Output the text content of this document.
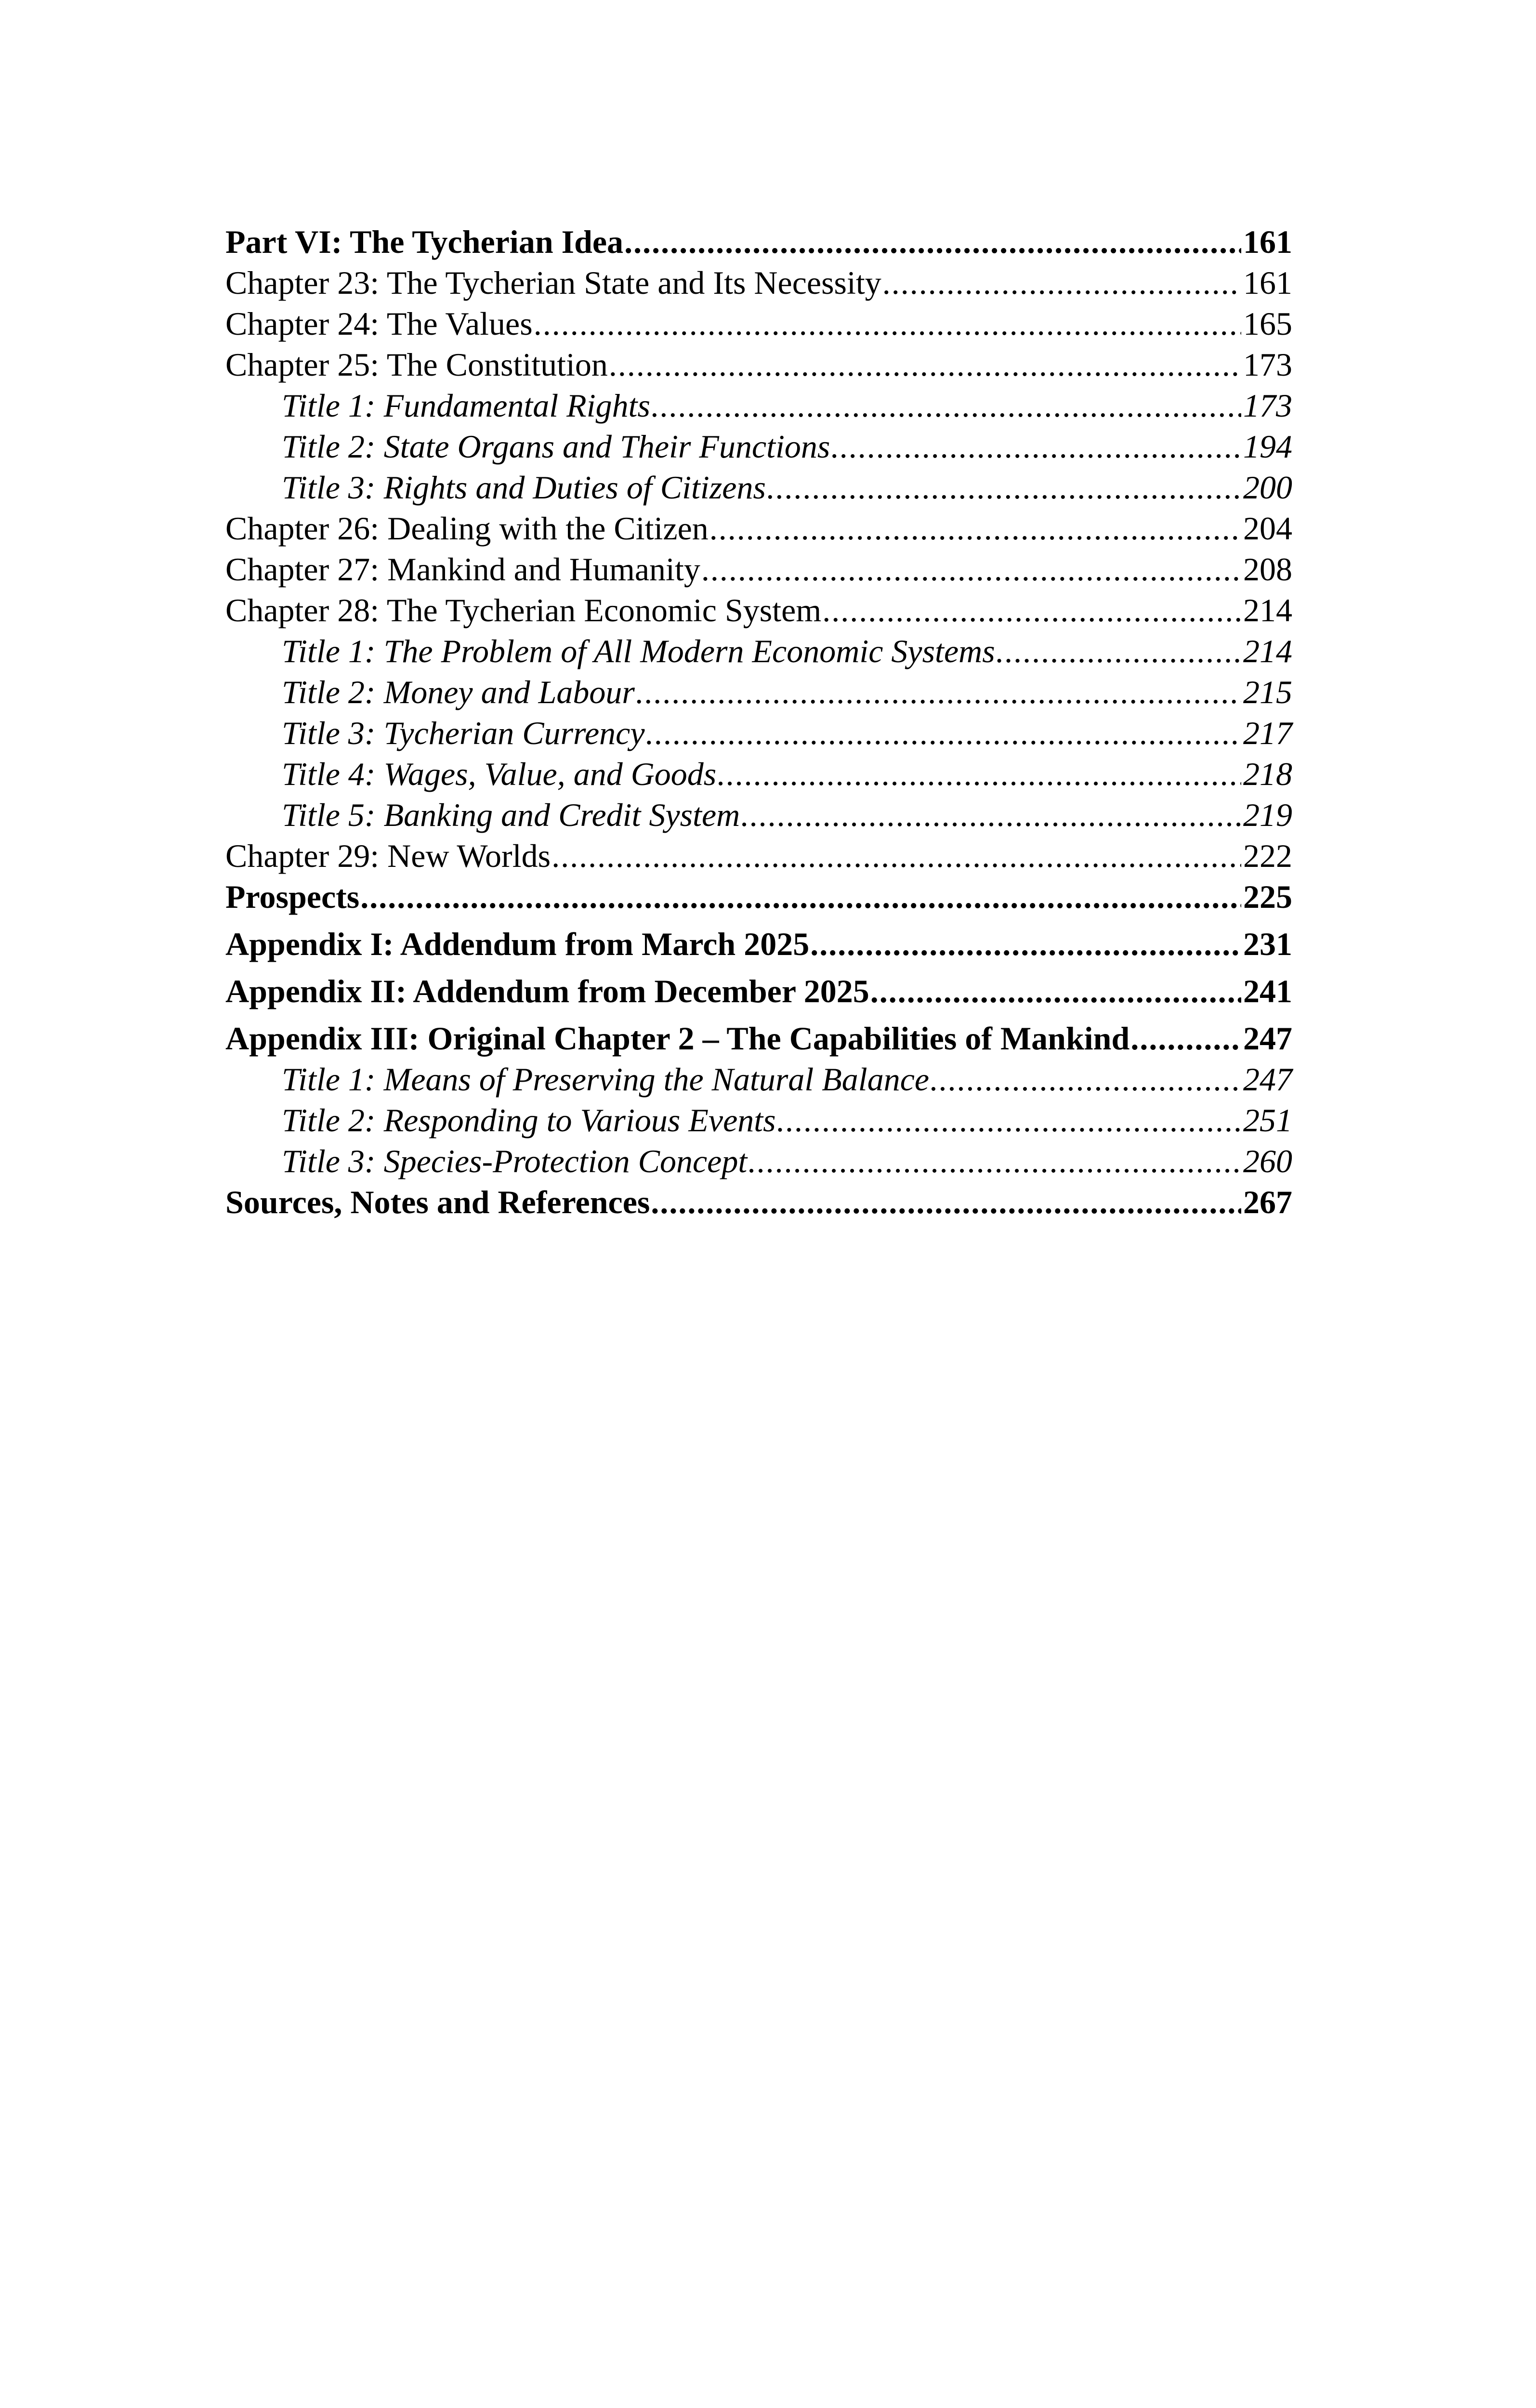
Part VI: The Tycherian Idea .....	161
Chapter 23: The Tycherian State and Its Necessity .....	161
Chapter 24: The Values .....	165
Chapter 25: The Constitution .....	173
Title 1: Fundamental Rights .....	173
Title 2: State Organs and Their Functions .....	194
Title 3: Rights and Duties of Citizens .....	200
Chapter 26: Dealing with the Citizen .....	204
Chapter 27: Mankind and Humanity .....	208
Chapter 28: The Tycherian Economic System .....	214
Title 1: The Problem of All Modern Economic Systems .....	214
Title 2: Money and Labour .....	215
Title 3: Tycherian Currency .....	217
Title 4: Wages, Value, and Goods .....	218
Title 5: Banking and Credit System .....	219
Chapter 29: New Worlds .....	222
Prospects .....	225
Appendix I: Addendum from March 2025 .....	231
Appendix II: Addendum from December 2025 .....	241
Appendix III: Original Chapter 2 – The Capabilities of Mankind .....	247
Title 1: Means of Preserving the Natural Balance .....	247
Title 2: Responding to Various Events .....	251
Title 3: Species-Protection Concept .....	260
Sources, Notes and References .....	267
